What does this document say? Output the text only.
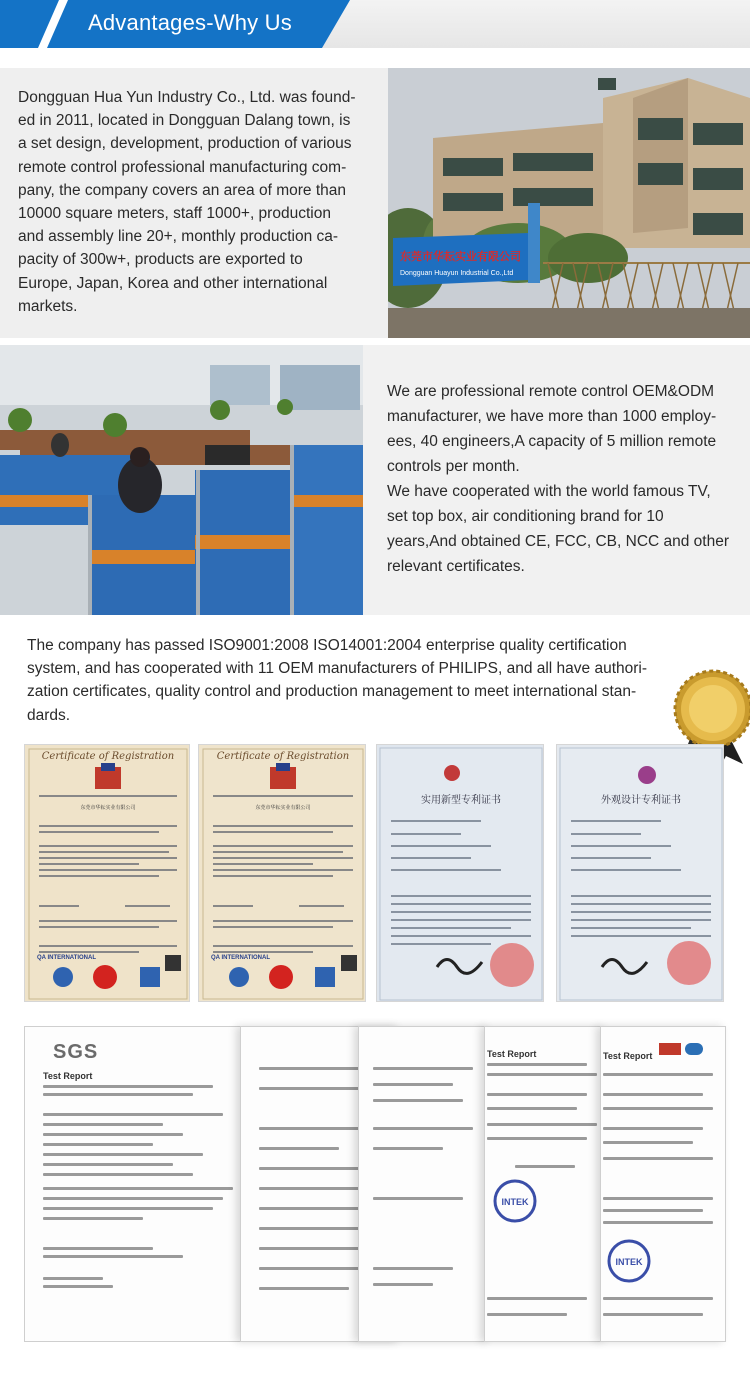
Advantages-Why Us
Dongguan Hua Yun Industry Co., Ltd. was found-
ed in 2011, located in Dongguan Dalang town, is
a set design, development, production of various
remote control professional manufacturing com-
pany, the company covers an area of more than
10000 square meters, staff 1000+, production
and assembly line 20+, monthly production ca-
pacity of 300w+, products are exported to
Europe, Japan, Korea and other international
markets.
东莞市华耘实业有限公司
Dongguan Huayun Industrial Co.,Ltd

We are professional remote control OEM&ODM

manufacturer, we have more than 1000 employ-

ees, 40 engineers,A capacity of 5 million remote

controls per month.

We have cooperated with the world famous TV,

set top box, air conditioning brand for 10

years,And obtained CE, FCC, CB, NCC and other

relevant certificates.

The company has passed ISO9001:2008 ISO14001:2004 enterprise quality certification
system, and has cooperated with 11 OEM manufacturers of PHILIPS, and all have authori-
zation certificates, quality control and production management to meet international stan-
dards.
Certificate of Registration
东莞市华耘实业有限公司
QA INTERNATIONAL
Certificate of Registration
东莞市华耘实业有限公司
QA INTERNATIONAL
实用新型专利证书	外观设计专利证书
SGS
Test Report
Test Report
INTEK
Test Report
INTEK
